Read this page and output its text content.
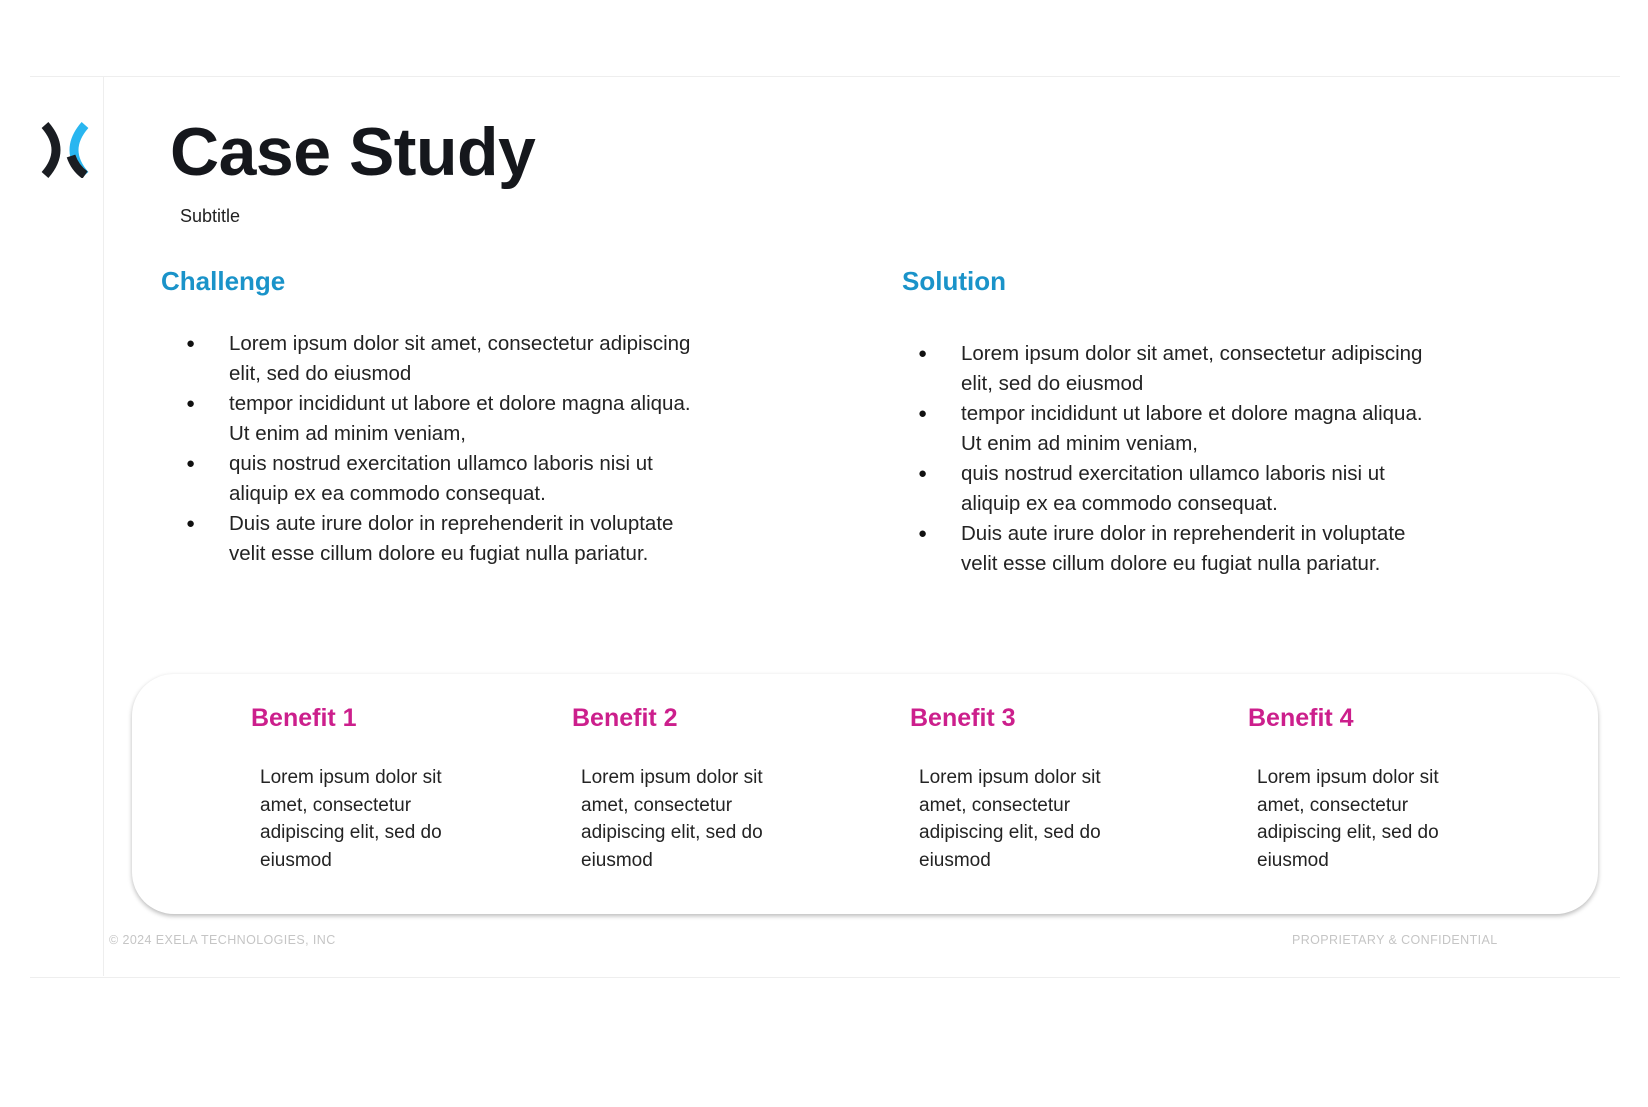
Case Study
Subtitle
Challenge
● Lorem ipsum dolor sit amet, consectetur adipiscing elit, sed do eiusmod
● tempor incididunt ut labore et dolore magna aliqua. Ut enim ad minim veniam,
● quis nostrud exercitation ullamco laboris nisi ut aliquip ex ea commodo consequat.
● Duis aute irure dolor in reprehenderit in voluptate velit esse cillum dolore eu fugiat nulla pariatur.
Solution
● Lorem ipsum dolor sit amet, consectetur adipiscing elit, sed do eiusmod
● tempor incididunt ut labore et dolore magna aliqua. Ut enim ad minim veniam,
● quis nostrud exercitation ullamco laboris nisi ut aliquip ex ea commodo consequat.
● Duis aute irure dolor in reprehenderit in voluptate velit esse cillum dolore eu fugiat nulla pariatur.
Benefit 1
Lorem ipsum dolor sit amet, consectetur adipiscing elit, sed do eiusmod
Benefit 2
Lorem ipsum dolor sit amet, consectetur adipiscing elit, sed do eiusmod
Benefit 3
Lorem ipsum dolor sit amet, consectetur adipiscing elit, sed do eiusmod
Benefit 4
Lorem ipsum dolor sit amet, consectetur adipiscing elit, sed do eiusmod
© 2024 EXELA TECHNOLOGIES, INC	PROPRIETARY & CONFIDENTIAL
